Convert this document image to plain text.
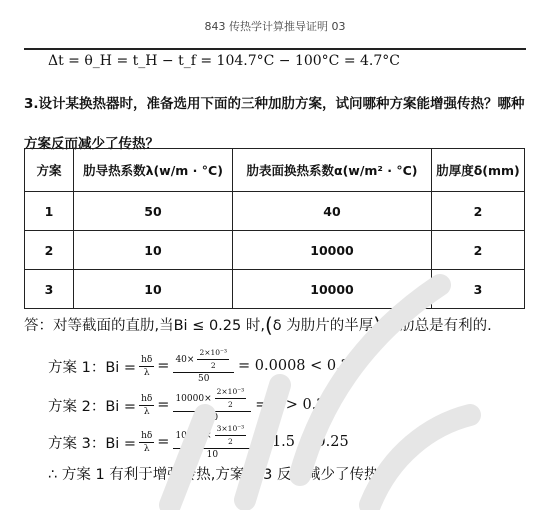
843 传热学计算推导证明 03
Δt = θ_H = t_H − t_f = 104.7°C − 100°C = 4.7°C
3.设计某换热器时，准备选用下面的三种加肋方案，试问哪种方案能增强传热？哪种方案反而减少了传热？
方案	肋导热系数λ(w/m · °C)	肋表面换热系数α(w/m² · °C)	肋厚度δ(mm)
1	50	40	2
2	10	10000	2
3	10	10000	3
答：对等截面的直肋,当Bi ≤ 0.25 时,(δ 为肋片的半厚),加肋总是有利的.
方案 1：$Bi = \frac{h\delta}{\lambda} = \frac{40\times \frac{\text{2×10⁻³}}{2}}{50} = 0.0008 < 0.25$
方案 2：$Bi = \frac{h\delta}{\lambda} = \frac{10000\times \frac{\text{2×10⁻³}}{2}}{10} = 1 > 0.25$
方案 3：$Bi = \frac{h\delta}{\lambda} = \frac{10000\times \frac{\text{3×10⁻³}}{2}}{10} = 1.5 > 0.25$
∴ 方案 1 有利于增强传热,方案 2/3 反而减少了传热.
